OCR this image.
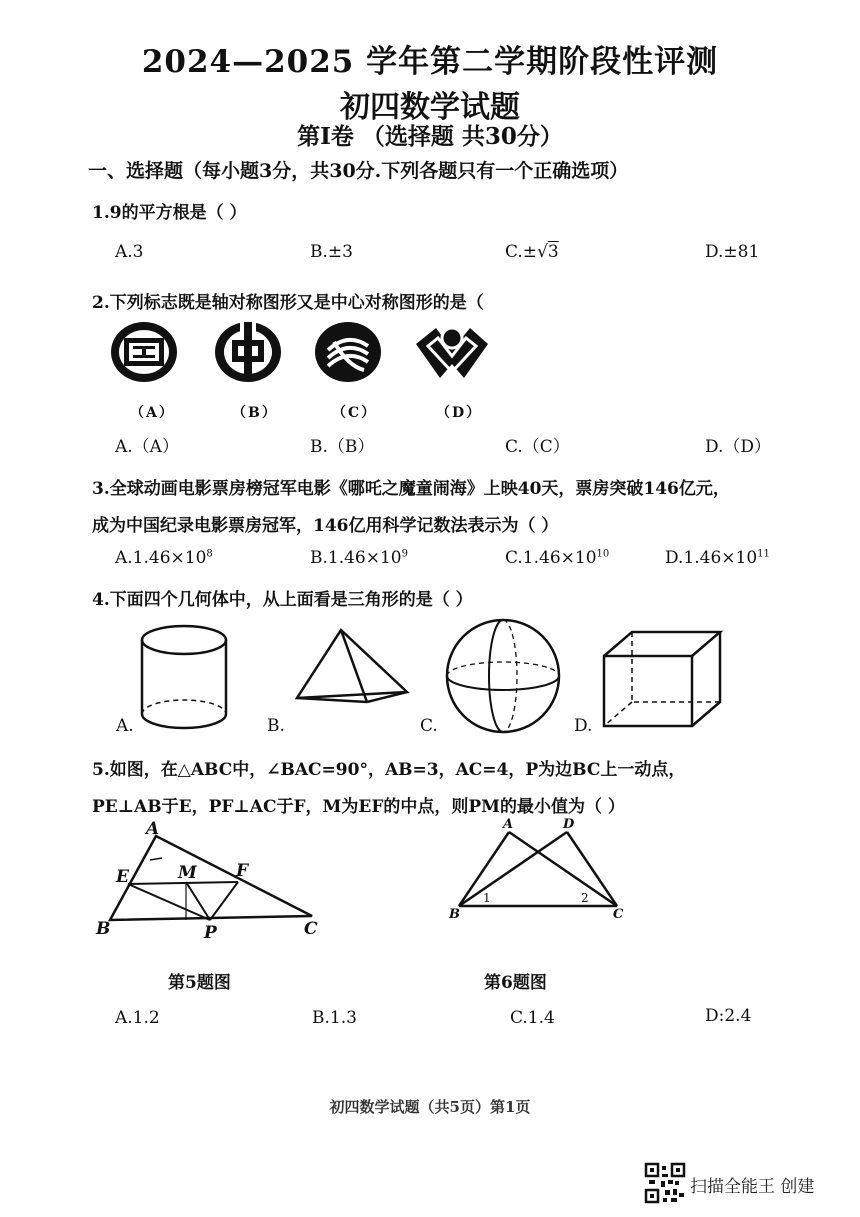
2024—2025 学年第二学期阶段性评测
初四数学试题
第Ⅰ卷 （选择题 共30分）
一、选择题（每小题3分，共30分.下列各题只有一个正确选项）
1.9的平方根是（ ）
A.3	B.±3	C.±√3	D.±81
2.下列标志既是轴对称图形又是中心对称图形的是（
（A）	（B）	（C）	（D）
A.（A）	B.（B）	C.（C）	D.（D）
3.全球动画电影票房榜冠军电影《哪吒之魔童闹海》上映40天，票房突破146亿元，
成为中国纪录电影票房冠军，146亿用科学记数法表示为（ ）
$A.1.46\times 10^8$	$B.1.46\times 10^9$	$C.1.46\times 10^{10}$	$D.1.46\times 10^{11}$
4.下面四个几何体中，从上面看是三角形的是（ ）
A.	B.	C.	D.
5.如图，在△ABC中，∠BAC=90°，AB=3，AC=4，P为边BC上一动点，
PE⊥AB于E，PF⊥AC于F，M为EF的中点，则PM的最小值为（ ）
A
E	M F
B	P	C
A	D
B	C
1	2
第5题图	第6题图
A.1.2	B.1.3	C.1.4	D:2.4
初四数学试题（共5页）第1页
扫描全能王 创建
